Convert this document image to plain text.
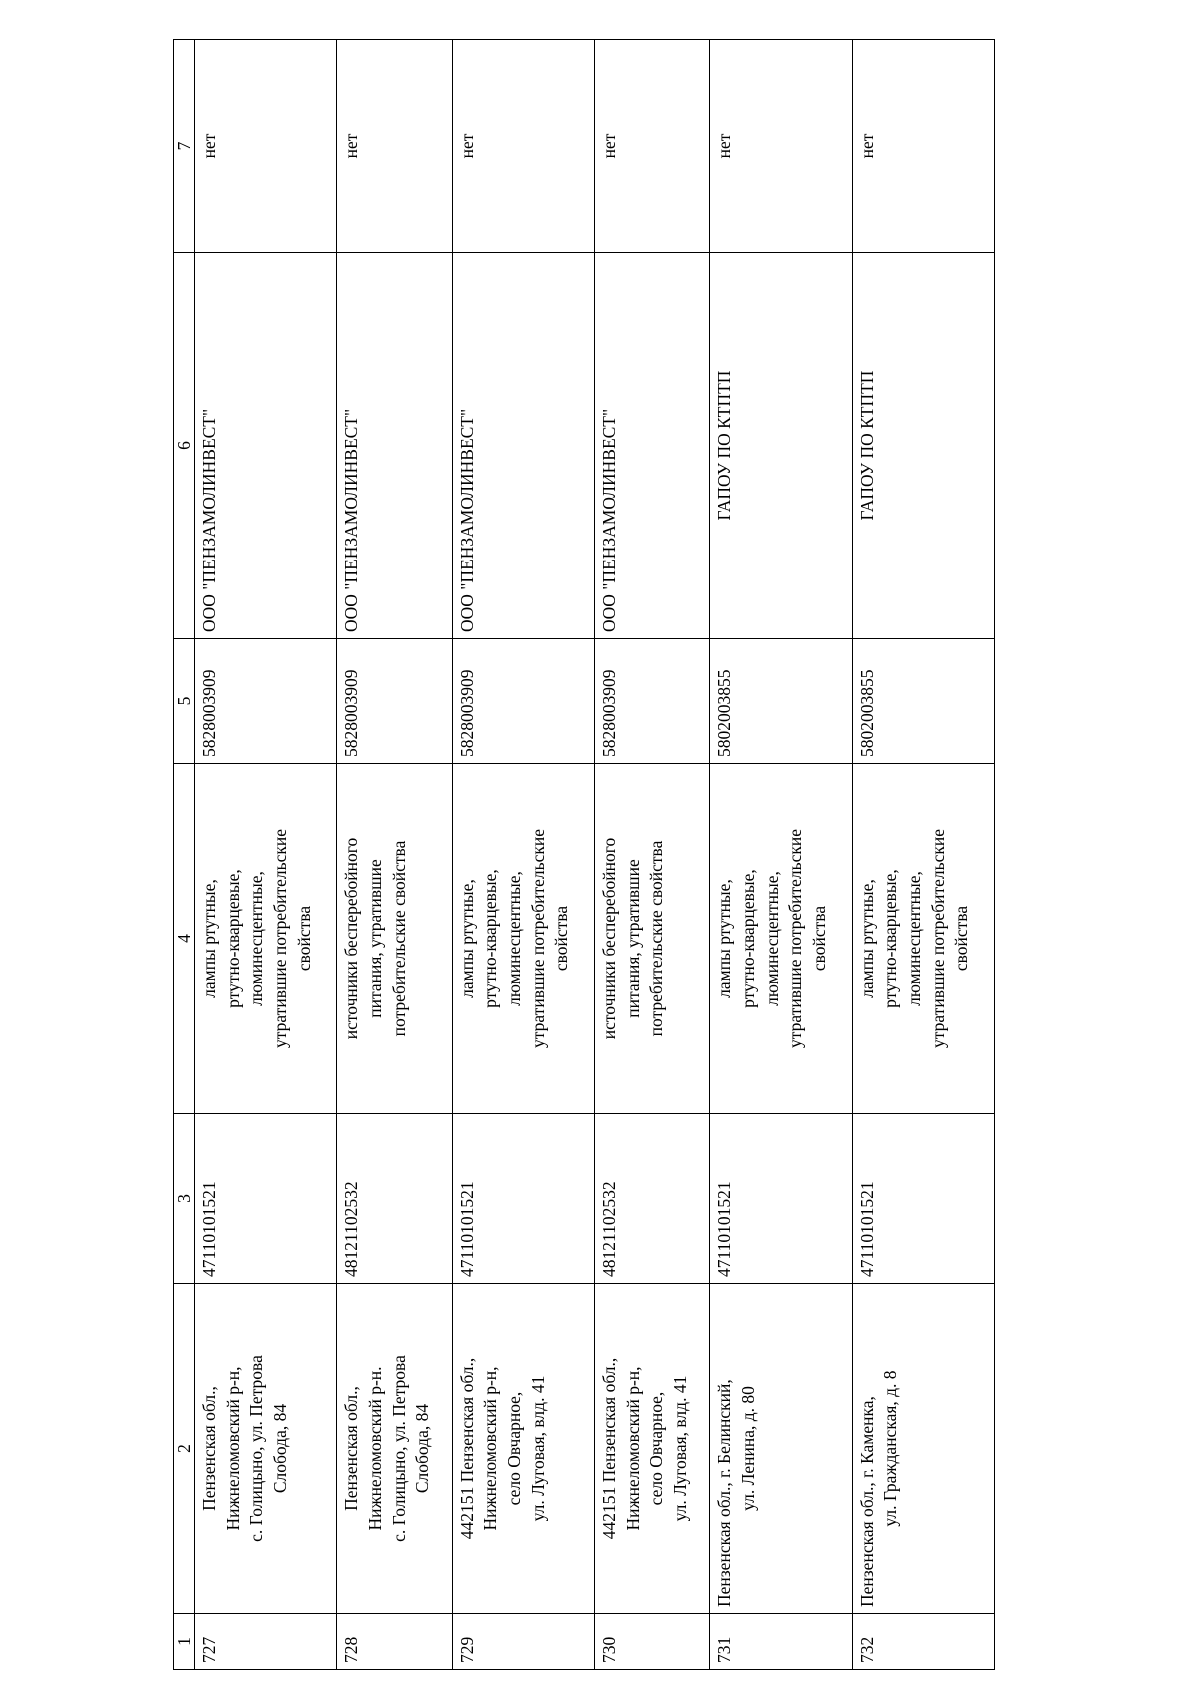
1	2	3	4	5	6	7
727	Пензенская обл., Нижнеломовский р-н, с. Голицыно, ул. Петрова Слобода, 84	47110101521	лампы ртутные, ртутно-кварцевые, люминесцентные, утратившие потребительские свойства	5828003909	ООО "ПЕНЗАМОЛИНВЕСТ"	нет
728	Пензенская обл., Нижнеломовский р-н. с. Голицыно, ул. Петрова Слобода, 84	48121102532	источники бесперебойного питания, утратившие потребительские свойства	5828003909	ООО "ПЕНЗАМОЛИНВЕСТ"	нет
729	442151 Пензенская обл., Нижнеломовский р-н, село Овчарное, ул. Луговая, влд. 41	47110101521	лампы ртутные, ртутно-кварцевые, люминесцентные, утратившие потребительские свойства	5828003909	ООО "ПЕНЗАМОЛИНВЕСТ"	нет
730	442151 Пензенская обл., Нижнеломовский р-н, село Овчарное, ул. Луговая, влд. 41	48121102532	источники бесперебойного питания, утратившие потребительские свойства	5828003909	ООО "ПЕНЗАМОЛИНВЕСТ"	нет
731	Пензенская обл., г. Белинский, ул. Ленина, д. 80	47110101521	лампы ртутные, ртутно-кварцевые, люминесцентные, утратившие потребительские свойства	5802003855	ГАПОУ ПО КТПТП	нет
732	Пензенская обл., г. Каменка, ул. Гражданская, д. 8	47110101521	лампы ртутные, ртутно-кварцевые, люминесцентные, утратившие потребительские свойства	5802003855	ГАПОУ ПО КТПТП	нет
